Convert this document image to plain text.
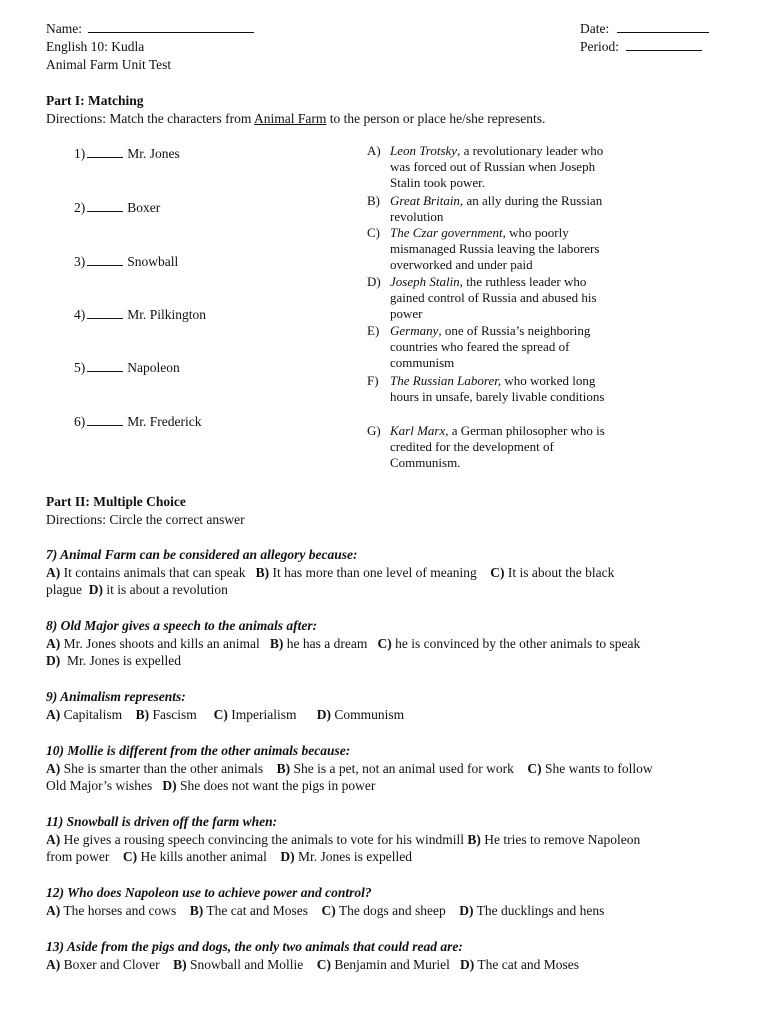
Name:
English 10: Kudla
Animal Farm Unit Test
Date:
Period:
Part I: Matching
Directions: Match the characters from Animal Farm to the person or place he/she represents.
1)	Mr. Jones
2)	Boxer
3)	Snowball
4)	Mr. Pilkington
5)	Napoleon
6)	Mr. Frederick
A) Leon Trotsky, a revolutionary leader who was forced out of Russian when Joseph Stalin took power.
B) Great Britain, an ally during the Russian revolution
C) The Czar government, who poorly mismanaged Russia leaving the laborers overworked and under paid
D) Joseph Stalin, the ruthless leader who gained control of Russia and abused his power
E) Germany, one of Russia’s neighboring countries who feared the spread of communism
F) The Russian Laborer, who worked long hours in unsafe, barely livable conditions
G) Karl Marx, a German philosopher who is credited for the development of Communism.
Part II: Multiple Choice
Directions: Circle the correct answer
7) Animal Farm can be considered an allegory because:
A) It contains animals that can speak   B) It has more than one level of meaning    C) It is about the black
plague  D) it is about a revolution
8) Old Major gives a speech to the animals after:
A) Mr. Jones shoots and kills an animal   B) he has a dream   C) he is convinced by the other animals to speak
D)  Mr. Jones is expelled
9) Animalism represents:
A) Capitalism    B) Fascism     C) Imperialism      D) Communism
10) Mollie is different from the other animals because:
A) She is smarter than the other animals    B) She is a pet, not an animal used for work    C) She wants to follow
Old Major’s wishes   D) She does not want the pigs in power
11) Snowball is driven off the farm when:
A) He gives a rousing speech convincing the animals to vote for his windmill B) He tries to remove Napoleon
from power    C) He kills another animal    D) Mr. Jones is expelled
12) Who does Napoleon use to achieve power and control?
A) The horses and cows    B) The cat and Moses    C) The dogs and sheep    D) The ducklings and hens
13) Aside from the pigs and dogs, the only two animals that could read are:
A) Boxer and Clover    B) Snowball and Mollie    C) Benjamin and Muriel   D) The cat and Moses
